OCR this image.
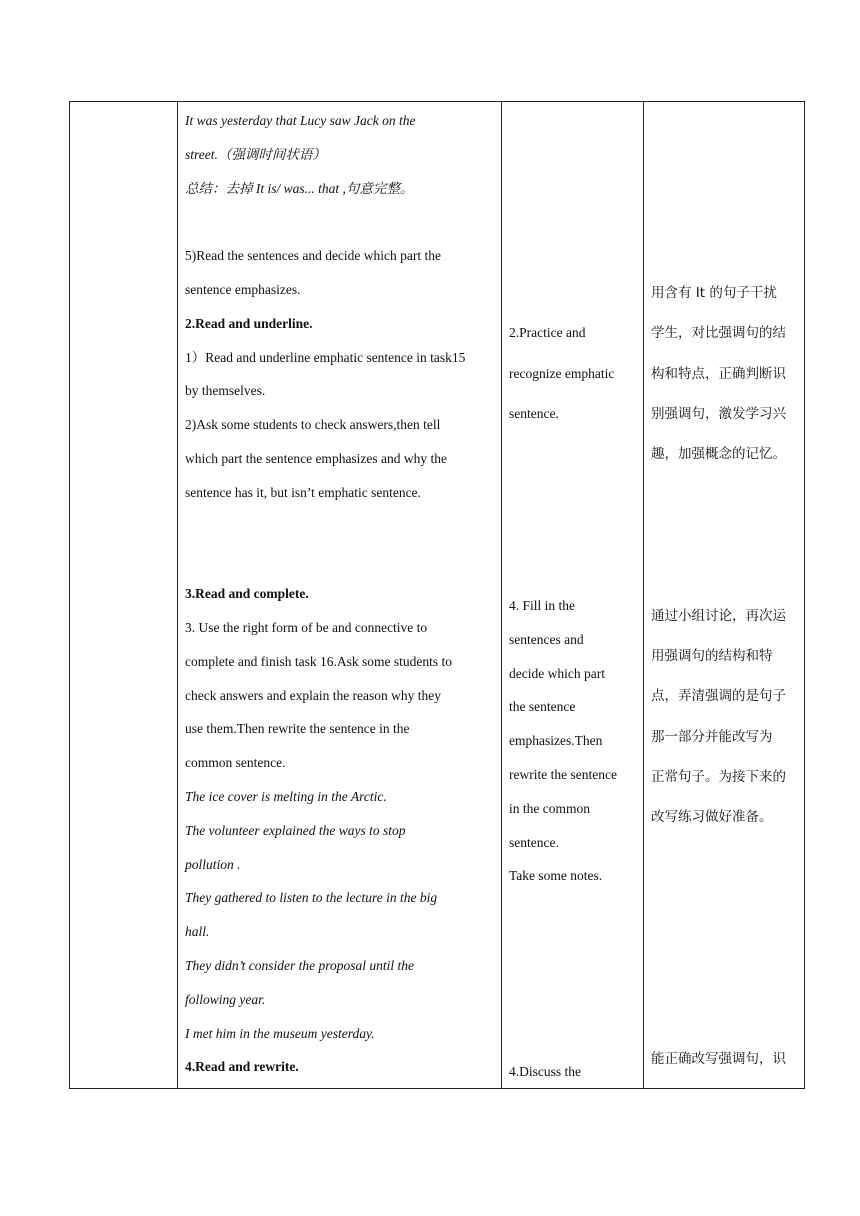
It was yesterday that Lucy saw Jack on the
street.（强调时间状语）
总结：去掉 It is/ was... that ,句意完整。
5)Read the sentences and decide which part the
sentence emphasizes.
2.Read and underline.
1）Read and underline emphatic sentence in task15
by themselves.
2)Ask some students to check answers,then tell
which part the sentence emphasizes and why the
sentence has it, but isn’t emphatic sentence.
3.Read and complete.
3. Use the right form of be and connective to
complete and finish task 16.Ask some students to
check answers and explain the reason why they
use them.Then rewrite the sentence in the
common sentence.
The ice cover is melting in the Arctic.
The volunteer explained the ways to stop
pollution .
They gathered to listen to the lecture in the big
hall.
They didn’t consider the proposal until the
following year.
I met him in the museum yesterday.
4.Read and rewrite.
2.Practice and
recognize emphatic
sentence.
4. Fill in the
sentences and
decide which part
the sentence
emphasizes.Then
rewrite the sentence
in the common
sentence.
Take some notes.
4.Discuss the
用含有 It 的句子干扰
学生，对比强调句的结
构和特点，正确判断识
别强调句，激发学习兴
趣，加强概念的记忆。
通过小组讨论，再次运
用强调句的结构和特
点，弄清强调的是句子
那一部分并能改写为
正常句子。为接下来的
改写练习做好准备。
能正确改写强调句，识
